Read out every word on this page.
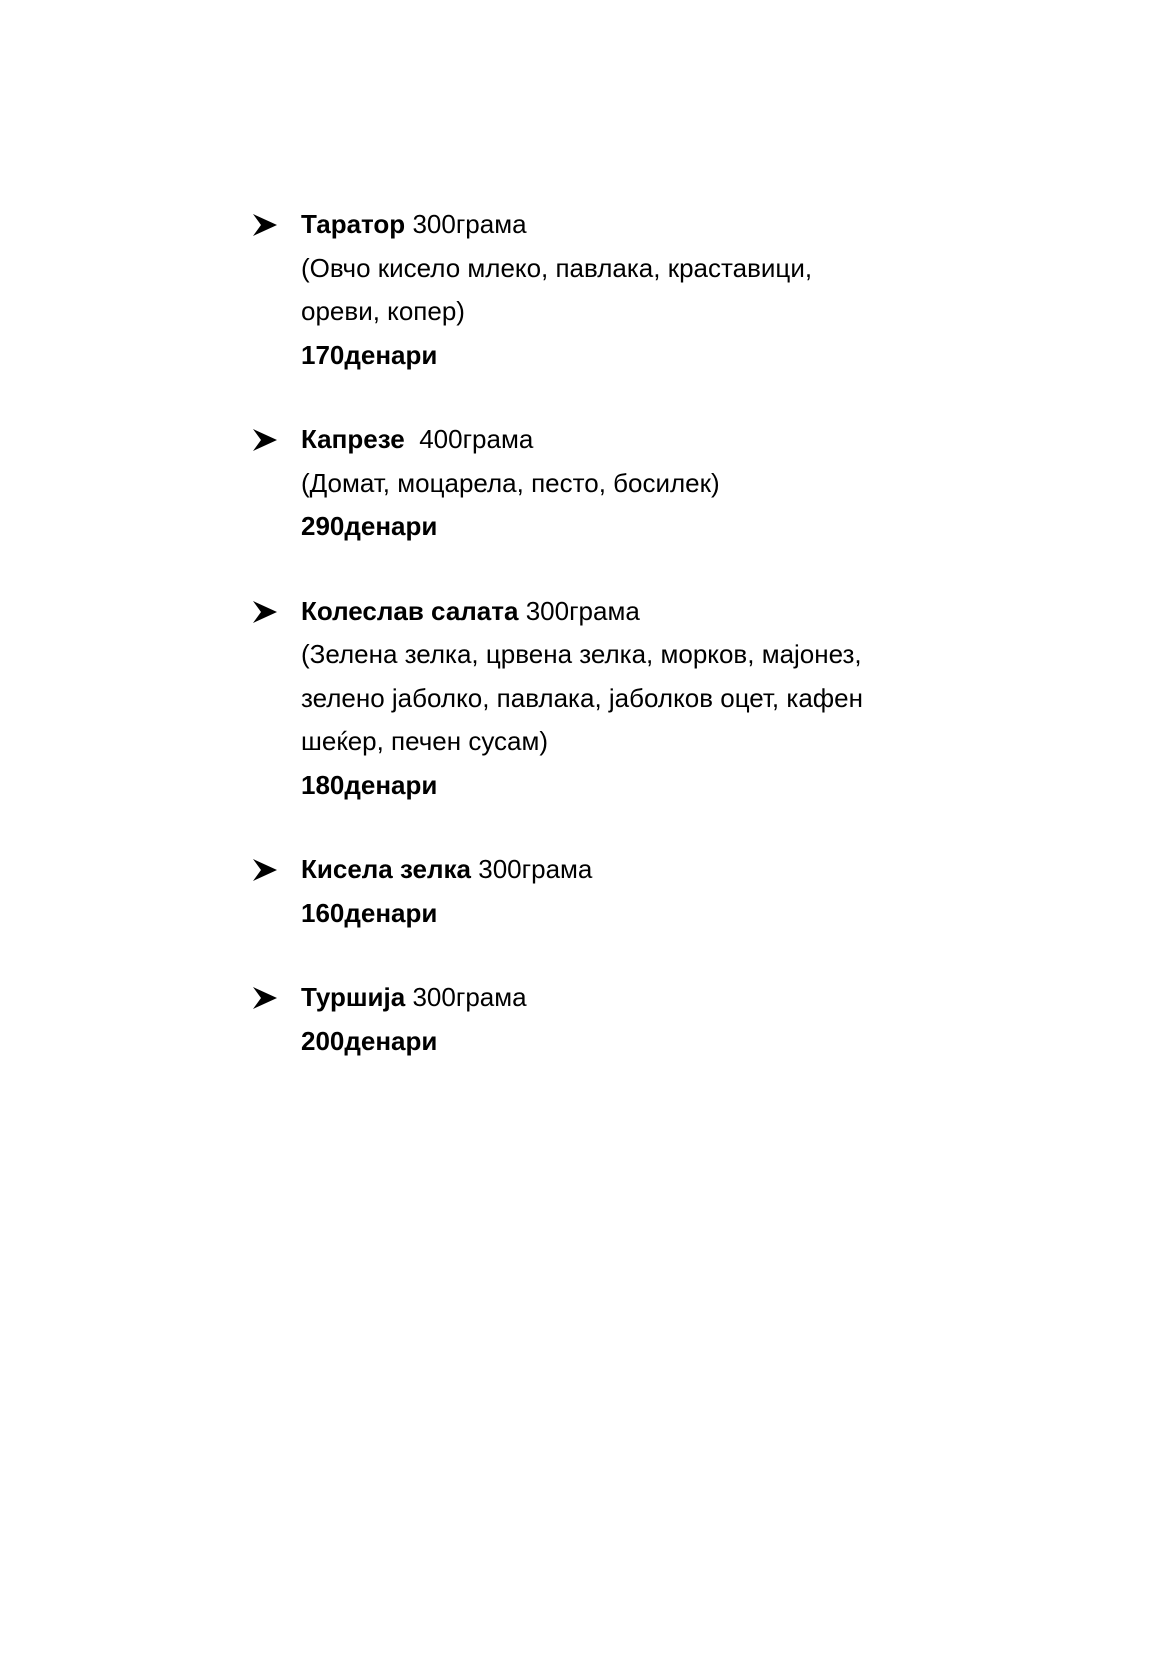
Таратор 300грама
(Овчо кисело млеко, павлака, краставици,
ореви, копер)
170денари
Капрезе 400грама
(Домат, моцарела, песто, босилек)
290денари
Колеслав салата 300грама
(Зелена зелка, црвена зелка, морков, мајонез,
зелено јаболко, павлака, јаболков оцет, кафен
шеќер, печен сусам)
180денари
Кисела зелка 300грама
160денари
Туршија 300грама
200денари
